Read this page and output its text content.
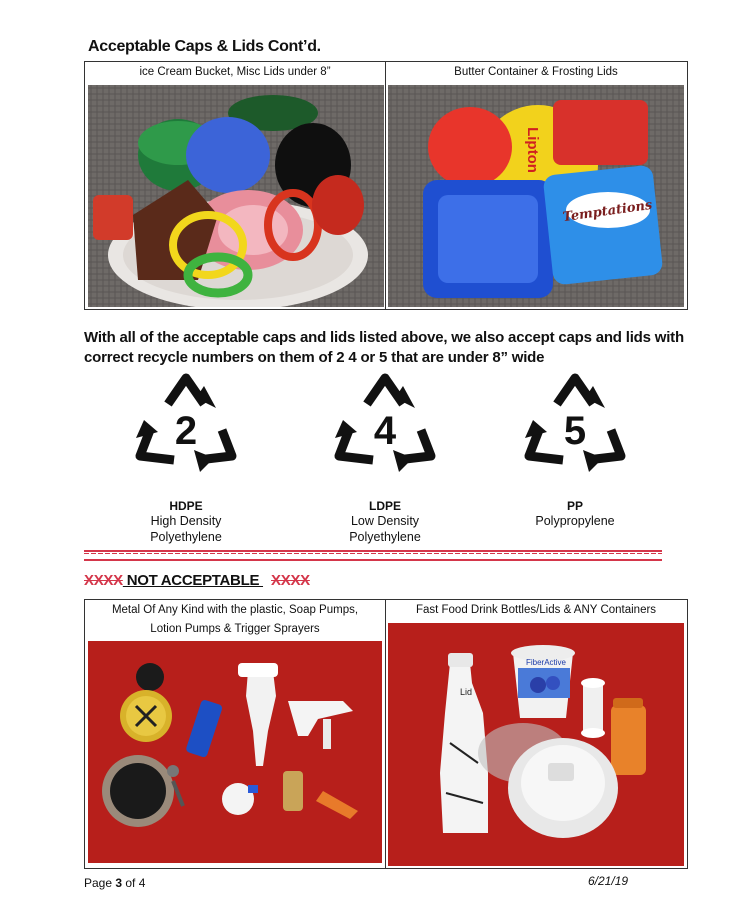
Acceptable Caps & Lids Cont’d.
ice Cream Bucket, Misc Lids under 8”	Butter Container & Frosting Lids
Temptations
Lipton
With all of the acceptable caps and lids listed above, we also accept caps and lids with correct recycle numbers on them of 2 4 or 5 that are under 8” wide
2
HDPE
High Density
Polyethylene
4
LDPE
Low Density
Polyethylene
5
PP
Polypropylene
XXXX NOT ACCEPTABLE XXXX
Metal Of Any Kind with the plastic, Soap Pumps,
Lotion Pumps & Trigger Sprayers
Fast Food Drink Bottles/Lids & ANY Containers
Lid
FiberActive
Page 3 of 4	6/21/19
